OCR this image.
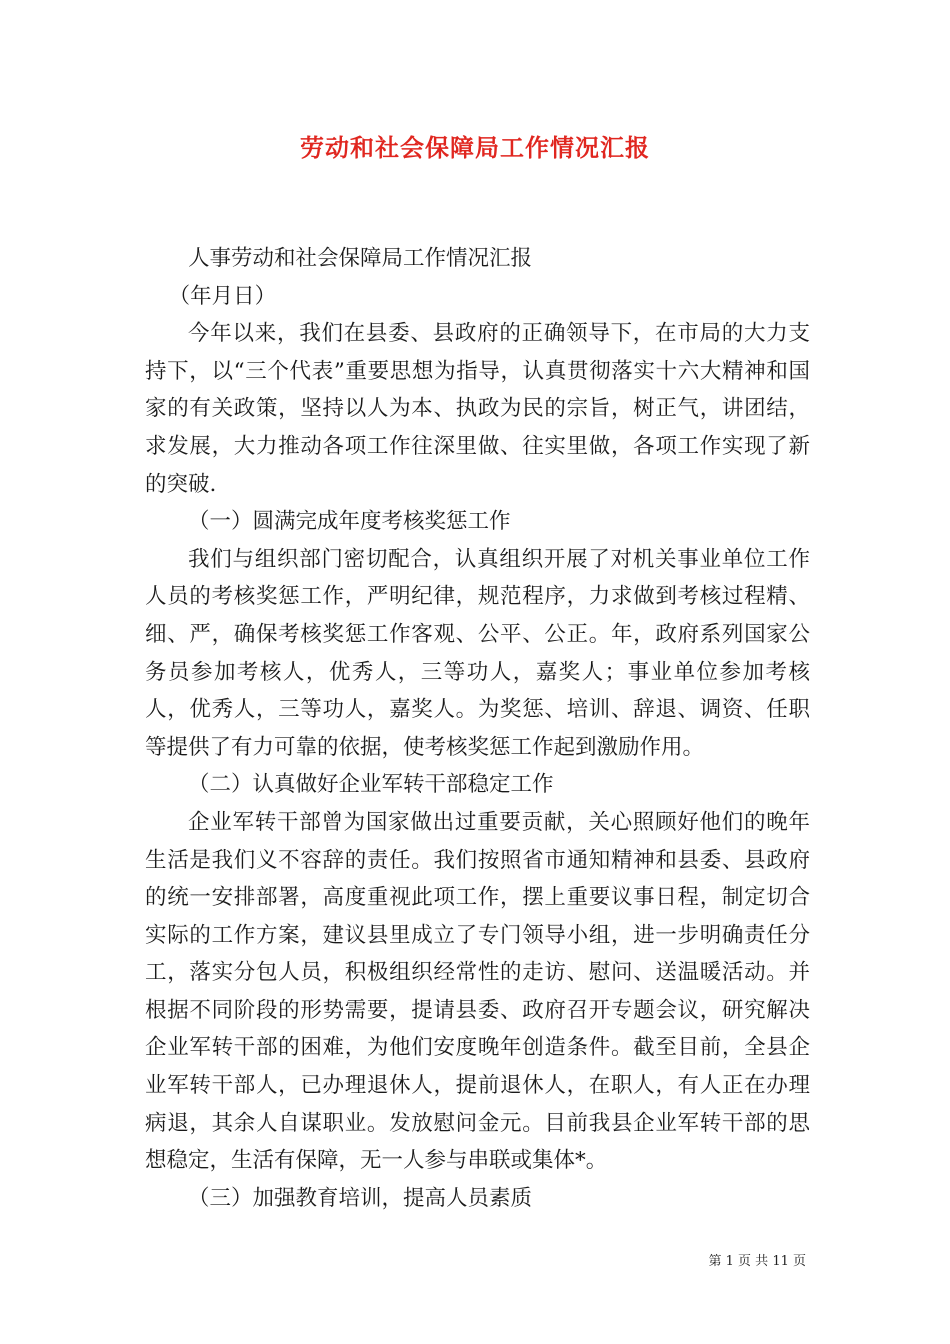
劳动和社会保障局工作情况汇报

人事劳动和社会保障局工作情况汇报

（年月日）

今年以来，我们在县委、县政府的正确领导下，在市局的大力支持下，以“三个代表”重要思想为指导，认真贯彻落实十六大精神和国家的有关政策，坚持以人为本、执政为民的宗旨，树正气，讲团结，求发展，大力推动各项工作往深里做、往实里做，各项工作实现了新的突破.

（一）圆满完成年度考核奖惩工作

我们与组织部门密切配合，认真组织开展了对机关事业单位工作人员的考核奖惩工作，严明纪律，规范程序，力求做到考核过程精、细、严，确保考核奖惩工作客观、公平、公正。年，政府系列国家公务员参加考核人，优秀人，三等功人，嘉奖人；事业单位参加考核人，优秀人，三等功人，嘉奖人。为奖惩、培训、辞退、调资、任职等提供了有力可靠的依据，使考核奖惩工作起到激励作用。

（二）认真做好企业军转干部稳定工作

企业军转干部曾为国家做出过重要贡献，关心照顾好他们的晚年生活是我们义不容辞的责任。我们按照省市通知精神和县委、县政府的统一安排部署，高度重视此项工作，摆上重要议事日程，制定切合实际的工作方案，建议县里成立了专门领导小组，进一步明确责任分工，落实分包人员，积极组织经常性的走访、慰问、送温暖活动。并根据不同阶段的形势需要，提请县委、政府召开专题会议，研究解决企业军转干部的困难，为他们安度晚年创造条件。截至目前，全县企业军转干部人，已办理退休人，提前退休人，在职人，有人正在办理病退，其余人自谋职业。发放慰问金元。目前我县企业军转干部的思想稳定，生活有保障，无一人参与串联或集体*。

（三）加强教育培训，提高人员素质

第 1 页 共 11 页
